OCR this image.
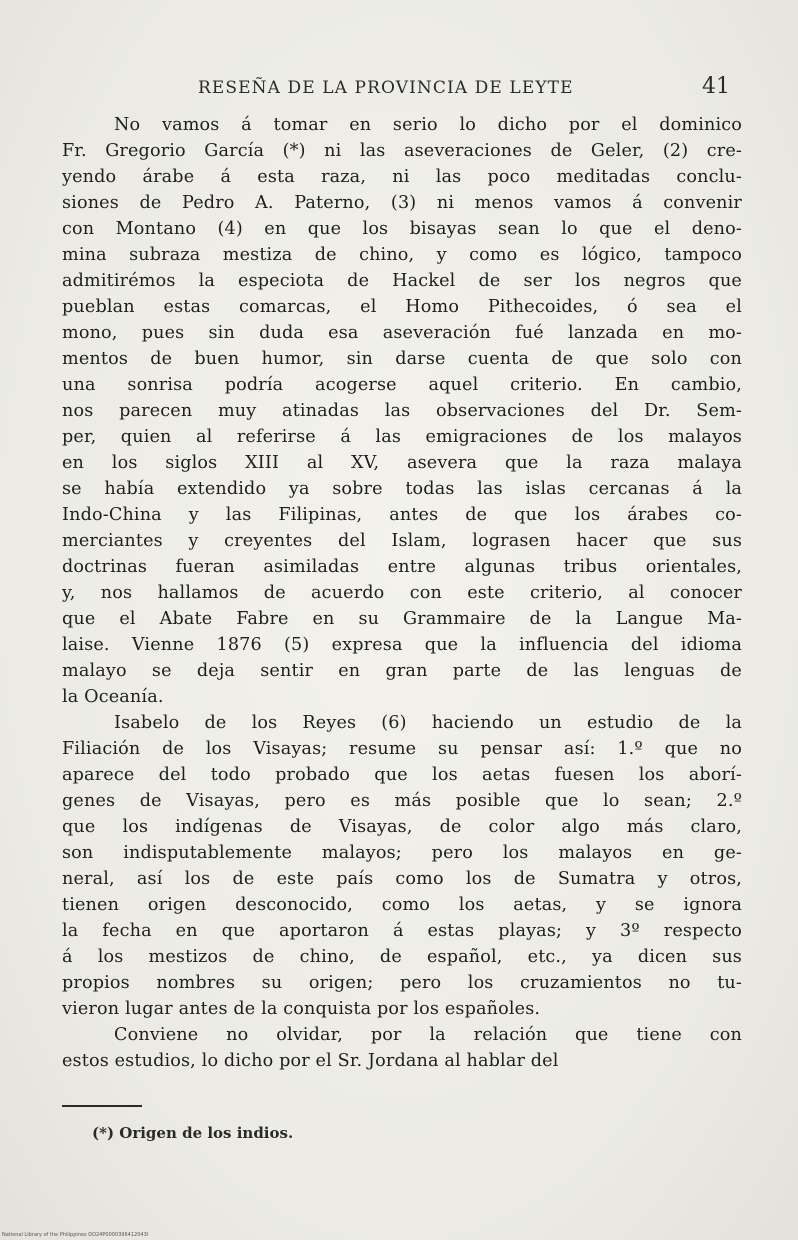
RESEÑA DE LA PROVINCIA DE LEYTE	41
No vamos á tomar en serio lo dicho por el dominico
Fr. Gregorio García (*) ni las aseveraciones de Geler, (2) cre-
yendo árabe á esta raza, ni las poco meditadas conclu-
siones de Pedro A. Paterno, (3) ni menos vamos á convenir
con Montano (4) en que los bisayas sean lo que el deno-
mina subraza mestiza de chino, y como es lógico, tampoco
admitirémos la especiota de Hackel de ser los negros que
pueblan estas comarcas, el Homo Pithecoides, ó sea el
mono, pues sin duda esa aseveración fué lanzada en mo-
mentos de buen humor, sin darse cuenta de que solo con
una sonrisa podría acogerse aquel criterio. En cambio,
nos parecen muy atinadas las observaciones del Dr. Sem-
per, quien al referirse á las emigraciones de los malayos
en los siglos XIII al XV, asevera que la raza malaya
se había extendido ya sobre todas las islas cercanas á la
Indo-China y las Filipinas, antes de que los árabes co-
merciantes y creyentes del Islam, lograsen hacer que sus
doctrinas fueran asimiladas entre algunas tribus orientales,
y, nos hallamos de acuerdo con este criterio, al conocer
que el Abate Fabre en su Grammaire de la Langue Ma-
laise. Vienne 1876 (5) expresa que la influencia del idioma
malayo se deja sentir en gran parte de las lenguas de
la Oceanía.
Isabelo de los Reyes (6) haciendo un estudio de la
Filiación de los Visayas; resume su pensar así: 1.º que no
aparece del todo probado que los aetas fuesen los aborí-
genes de Visayas, pero es más posible que lo sean; 2.º
que los indígenas de Visayas, de color algo más claro,
son indisputablemente malayos; pero los malayos en ge-
neral, así los de este país como los de Sumatra y otros,
tienen origen desconocido, como los aetas, y se ignora
la fecha en que aportaron á estas playas; y 3º respecto
á los mestizos de chino, de español, etc., ya dicen sus
propios nombres su origen; pero los cruzamientos no tu-
vieron lugar antes de la conquista por los españoles.
Conviene no olvidar, por la relación que tiene con
estos estudios, lo dicho por el Sr. Jordana al hablar del
(*) Origen de los indios.
National Library of the Philippines DO24P0000396412043I
